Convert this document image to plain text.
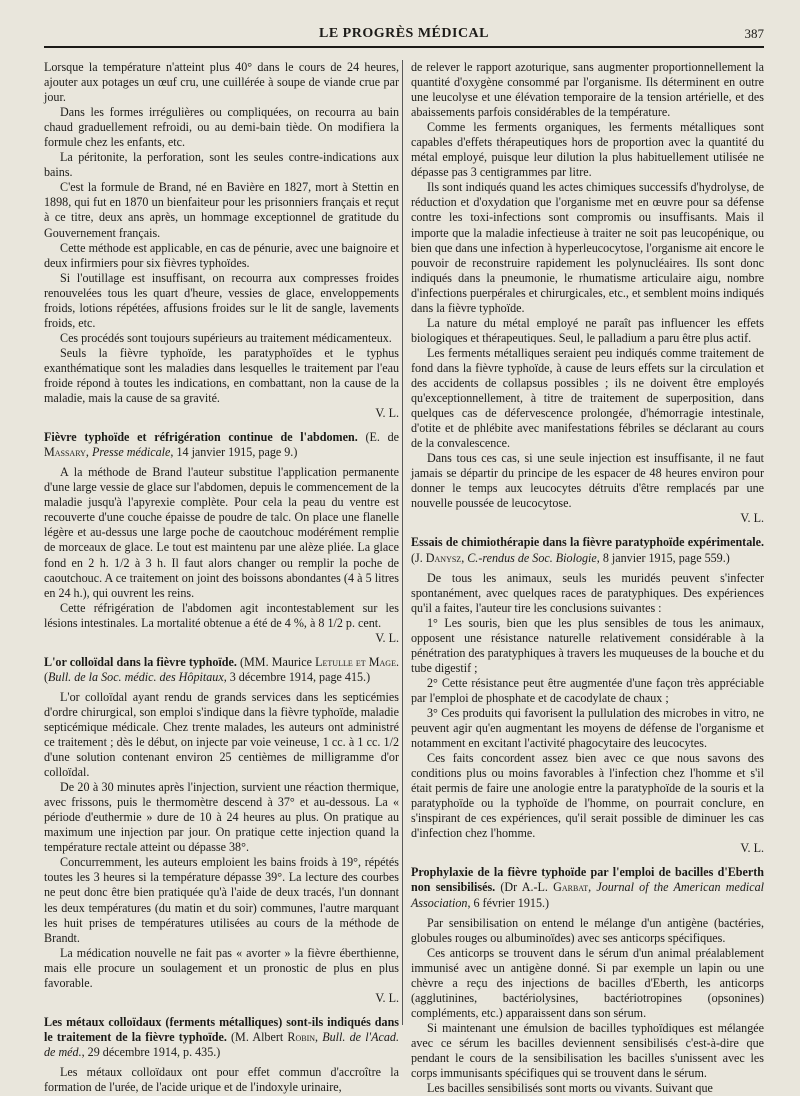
LE PROGRÈS MÉDICAL	387

Lorsque la température n'atteint plus 40° dans le cours de 24 heures, ajouter aux potages un œuf cru, une cuillérée à soupe de viande crue par jour.

Dans les formes irrégulières ou compliquées, on recourra au bain chaud graduellement refroidi, ou au demi-bain tiède. On modifiera la formule chez les enfants, etc.

La péritonite, la perforation, sont les seules contre-indications aux bains.

C'est la formule de Brand, né en Bavière en 1827, mort à Stettin en 1898, qui fut en 1870 un bienfaiteur pour les prisonniers français et reçut à ce titre, deux ans après, un hommage exceptionnel de gratitude du Gouvernement français.

Cette méthode est applicable, en cas de pénurie, avec une baignoire et deux infirmiers pour six fièvres typhoïdes.

Si l'outillage est insuffisant, on recourra aux compresses froides renouvelées tous les quart d'heure, vessies de glace, enveloppements froids, lotions répétées, affusions froides sur le lit de sangle, lavements froids, etc.

Ces procédés sont toujours supérieurs au traitement médicamenteux.

Seuls la fièvre typhoïde, les paratyphoïdes et le typhus exanthématique sont les maladies dans lesquelles le traitement par l'eau froide répond à toutes les indications, en combattant, non la cause de la maladie, mais la cause de sa gravité.

V. L.

Fièvre typhoïde et réfrigération continue de l'abdomen. (E. de Massary, Presse médicale, 14 janvier 1915, page 9.)

A la méthode de Brand l'auteur substitue l'application permanente d'une large vessie de glace sur l'abdomen, depuis le commencement de la maladie jusqu'à l'apyrexie complète. Pour cela la peau du ventre est recouverte d'une couche épaisse de poudre de talc. On place une flanelle légère et au-dessus une large poche de caoutchouc modérément remplie de morceaux de glace. Le tout est maintenu par une alèze pliée. La glace fond en 2 h. 1/2 à 3 h. Il faut alors changer ou remplir la poche de caoutchouc. A ce traitement on joint des boissons abondantes (4 à 5 litres en 24 h.), qui ouvrent les reins.

Cette réfrigération de l'abdomen agit incontestablement sur les lésions intestinales. La mortalité obtenue a été de 4 %, à 8 1/2 p. cent.

V. L.

L'or colloïdal dans la fièvre typhoïde. (MM. Maurice Letulle et Mage. (Bull. de la Soc. médic. des Hôpitaux, 3 décembre 1914, page 415.)

L'or colloïdal ayant rendu de grands services dans les septicémies d'ordre chirurgical, son emploi s'indique dans la fièvre typhoïde, maladie septicémique médicale. Chez trente malades, les auteurs ont administré ce traitement ; dès le début, on injecte par voie veineuse, 1 cc. à 1 cc. 1/2 d'une solution contenant environ 25 centièmes de milligramme d'or colloïdal.

De 20 à 30 minutes après l'injection, survient une réaction thermique, avec frissons, puis le thermomètre descend à 37° et au-dessous. La « période d'euthermie » dure de 10 à 24 heures au plus. On pratique au maximum une injection par jour. On pratique cette injection quand la température rectale atteint ou dépasse 38°.

Concurremment, les auteurs emploient les bains froids à 19°, répétés toutes les 3 heures si la température dépasse 39°. La lecture des courbes ne peut donc être bien pratiquée qu'à l'aide de deux tracés, l'un donnant les deux températures (du matin et du soir) communes, l'autre marquant les huit prises de températures utilisées au cours de la méthode de Brandt.

La médication nouvelle ne fait pas « avorter » la fièvre éberthienne, mais elle procure un soulagement et un pronostic de plus en plus favorable.

V. L.

Les métaux colloïdaux (ferments métalliques) sont-ils indiqués dans le traitement de la fièvre typhoïde. (M. Albert Robin, Bull. de l'Acad. de méd., 29 décembre 1914, p. 435.)

Les métaux colloïdaux ont pour effet commun d'accroître la formation de l'urée, de l'acide urique et de l'indoxyle urinaire,

de relever le rapport azoturique, sans augmenter proportionnellement la quantité d'oxygène consommé par l'organisme. Ils déterminent en outre une leucolyse et une élévation temporaire de la tension artérielle, et des abaissements parfois considérables de la température.

Comme les ferments organiques, les ferments métalliques sont capables d'effets thérapeutiques hors de proportion avec la quantité du métal employé, puisque leur dilution la plus habituellement utilisée ne dépasse pas 3 centigrammes par litre.

Ils sont indiqués quand les actes chimiques successifs d'hydrolyse, de réduction et d'oxydation que l'organisme met en œuvre pour sa défense contre les toxi-infections sont compromis ou insuffisants. Mais il importe que la maladie infectieuse à traiter ne soit pas leucopénique, ou bien que dans une infection à hyperleucocytose, l'organisme ait encore le pouvoir de reconstruire rapidement les polynucléaires. Ils sont donc indiqués dans la pneumonie, le rhumatisme articulaire aigu, nombre d'infections puerpérales et chirurgicales, etc., et semblent moins indiqués dans la fièvre typhoïde.

La nature du métal employé ne paraît pas influencer les effets biologiques et thérapeutiques. Seul, le palladium a paru être plus actif.

Les ferments métalliques seraient peu indiqués comme traitement de fond dans la fièvre typhoïde, à cause de leurs effets sur la circulation et des accidents de collapsus possibles ; ils ne doivent être employés qu'exceptionnellement, à titre de traitement de superposition, dans quelques cas de défervescence prolongée, d'hémorragie intestinale, d'otite et de phlébite avec manifestations fébriles se déclarant au cours de la convalescence.

Dans tous ces cas, si une seule injection est insuffisante, il ne faut jamais se départir du principe de les espacer de 48 heures environ pour donner le temps aux leucocytes détruits d'être remplacés par une nouvelle poussée de leucocytose.

V. L.

Essais de chimiothérapie dans la fièvre paratyphoïde expérimentale. (J. Danysz, C.-rendus de Soc. Biologie, 8 janvier 1915, page 559.)

De tous les animaux, seuls les muridés peuvent s'infecter spontanément, avec quelques races de paratyphiques. Des expériences qu'il a faites, l'auteur tire les conclusions suivantes :

1° Les souris, bien que les plus sensibles de tous les animaux, opposent une résistance naturelle relativement considérable à la pénétration des paratyphiques à travers les muqueuses de la bouche et du tube digestif ;

2° Cette résistance peut être augmentée d'une façon très appréciable par l'emploi de phosphate et de cacodylate de chaux ;

3° Ces produits qui favorisent la pullulation des microbes in vitro, ne peuvent agir qu'en augmentant les moyens de défense de l'organisme et notamment en excitant l'activité phagocytaire des leucocytes.

Ces faits concordent assez bien avec ce que nous savons des conditions plus ou moins favorables à l'infection chez l'homme et s'il était permis de faire une anologie entre la paratyphoïde de la souris et la paratyphoïde ou la typhoïde de l'homme, on pourrait conclure, en s'inspirant de ces expériences, qu'il serait possible de diminuer les cas d'infection chez l'homme.

V. L.

Prophylaxie de la fièvre typhoïde par l'emploi de bacilles d'Eberth non sensibilisés. (Dr A.-L. Garbat, Journal of the American medical Association, 6 février 1915.)

Par sensibilisation on entend le mélange d'un antigène (bactéries, globules rouges ou albuminoïdes) avec ses anticorps spécifiques.

Ces anticorps se trouvent dans le sérum d'un animal préalablement immunisé avec un antigène donné. Si par exemple un lapin ou une chèvre a reçu des injections de bacilles d'Eberth, les anticorps (agglutinines, bactériolysines, bactériotropines (opsonines) compléments, etc.) apparaissent dans son sérum.

Si maintenant une émulsion de bacilles typhoïdiques est mélangée avec ce sérum les bacilles deviennent sensibilisés c'est-à-dire que pendant le cours de la sensibilisation les bacilles s'unissent avec les corps immunisants spécifiques qui se trouvent dans le sérum.

Les bacilles sensibilisés sont morts ou vivants. Suivant que
